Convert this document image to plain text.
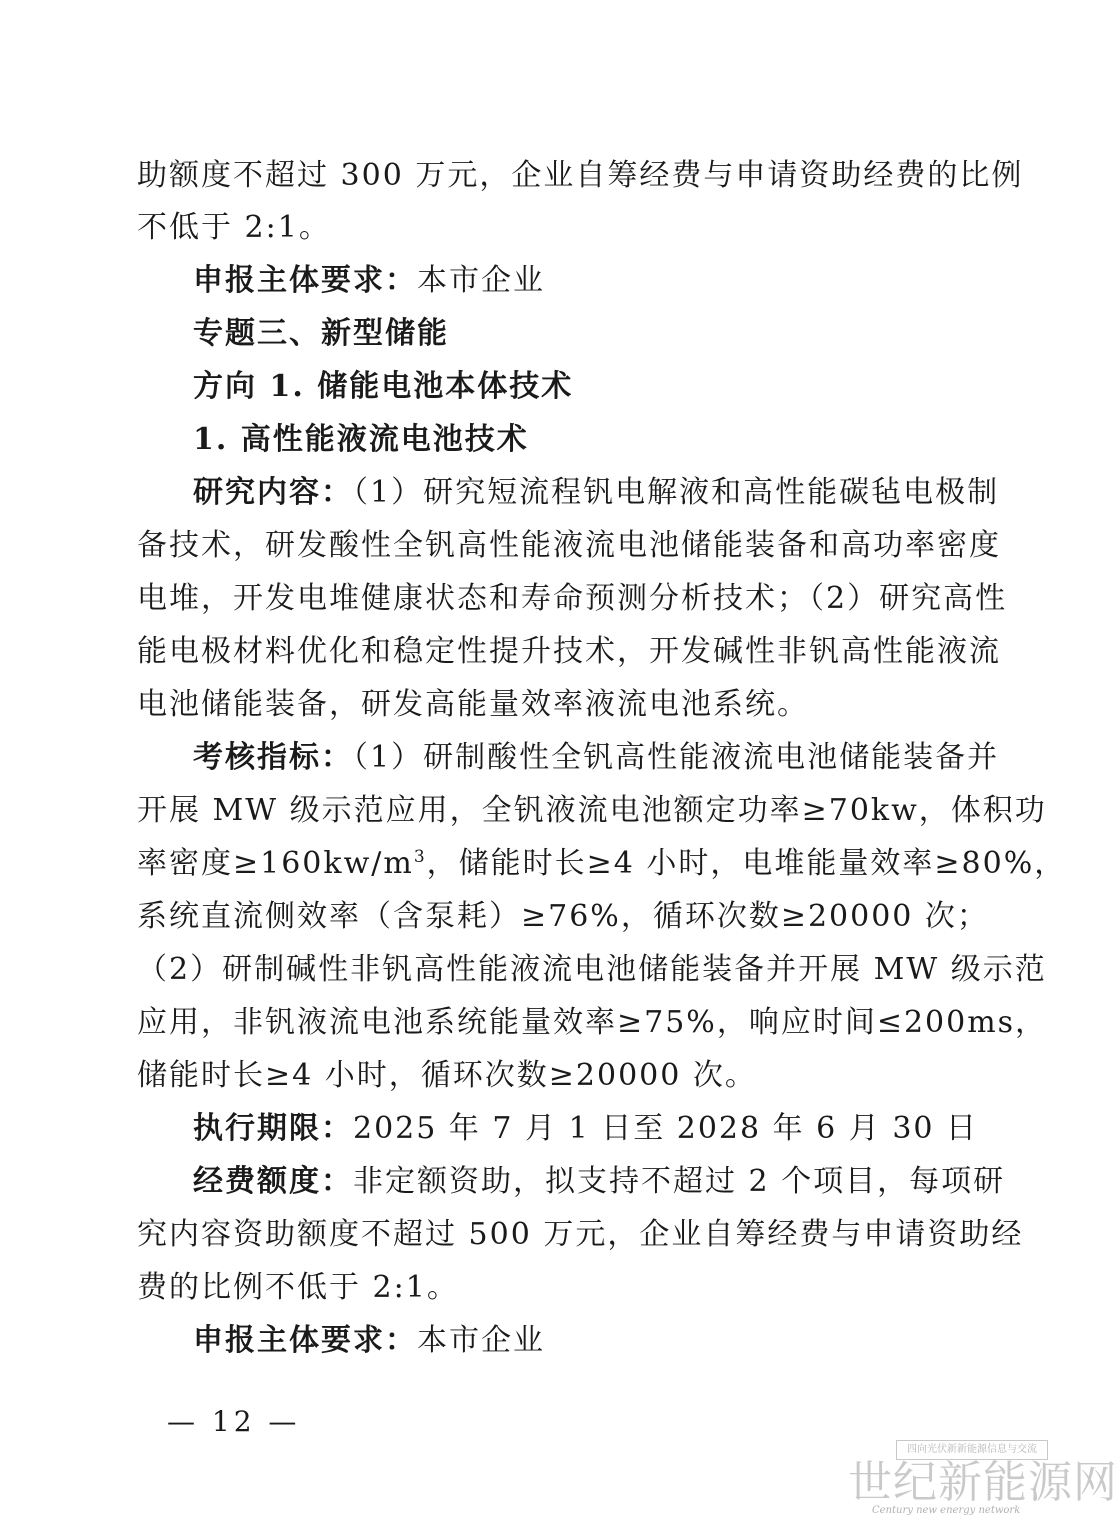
助额度不超过 300 万元，企业自筹经费与申请资助经费的比例
不低于 2:1。
申报主体要求：本市企业
专题三、新型储能
方向 1. 储能电池本体技术
1. 高性能液流电池技术
研究内容：（1）研究短流程钒电解液和高性能碳毡电极制
备技术，研发酸性全钒高性能液流电池储能装备和高功率密度
电堆，开发电堆健康状态和寿命预测分析技术；（2）研究高性
能电极材料优化和稳定性提升技术，开发碱性非钒高性能液流
电池储能装备，研发高能量效率液流电池系统。
考核指标：（1）研制酸性全钒高性能液流电池储能装备并
开展 MW 级示范应用，全钒液流电池额定功率≥70kw，体积功
率密度$\ge 160kw/m^3$，储能时长≥4 小时，电堆能量效率≥80%，
系统直流侧效率（含泵耗）≥76%，循环次数≥20000 次；
（2）研制碱性非钒高性能液流电池储能装备并开展 MW 级示范
应用，非钒液流电池系统能量效率≥75%，响应时间≤200ms，
储能时长≥4 小时，循环次数≥20000 次。
执行期限：2025 年 7 月 1 日至 2028 年 6 月 30 日
经费额度：非定额资助，拟支持不超过 2 个项目，每项研
究内容资助额度不超过 500 万元，企业自筹经费与申请资助经
费的比例不低于 2:1。
申报主体要求：本市企业
— 12 —
四向光伏新新能源信息与交流
世纪新能源网
Century new energy network
